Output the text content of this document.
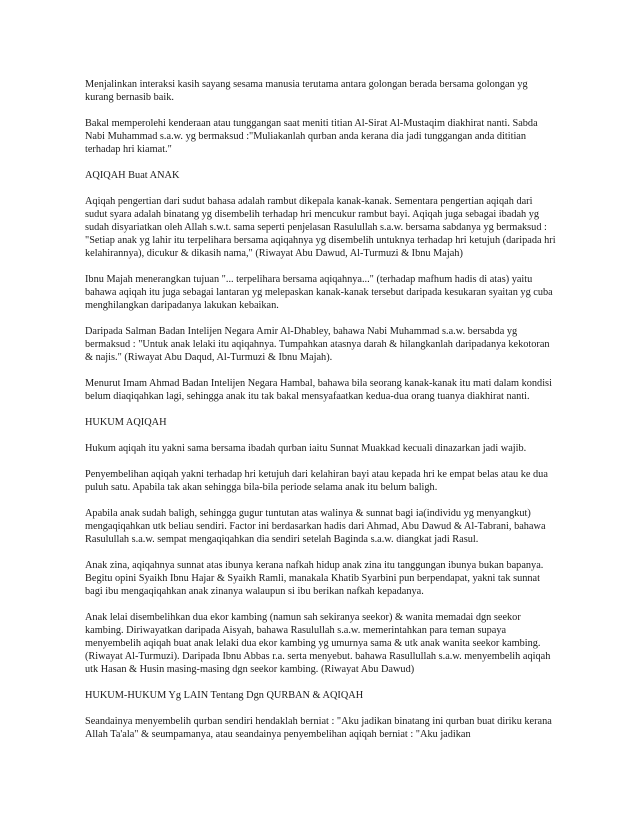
Menjalinkan interaksi kasih sayang sesama manusia terutama antara golongan berada bersama golongan yg kurang bernasib baik.

Bakal memperolehi kenderaan atau tunggangan saat meniti titian Al-Sirat Al-Mustaqim diakhirat nanti. Sabda Nabi Muhammad s.a.w. yg bermaksud :"Muliakanlah qurban anda kerana dia jadi tunggangan anda dititian terhadap hri kiamat."

AQIQAH Buat ANAK

Aqiqah pengertian dari sudut bahasa adalah rambut dikepala kanak-kanak. Sementara pengertian aqiqah dari sudut syara adalah binatang yg disembelih terhadap hri mencukur rambut bayi. Aqiqah juga sebagai ibadah yg sudah disyariatkan oleh Allah s.w.t. sama seperti penjelasan Rasulullah s.a.w. bersama sabdanya yg bermaksud : "Setiap anak yg lahir itu terpelihara bersama aqiqahnya yg disembelih untuknya terhadap hri ketujuh (daripada hri kelahirannya), dicukur & dikasih nama," (Riwayat Abu Dawud, Al-Turmuzi & Ibnu Majah)

Ibnu Majah menerangkan tujuan "... terpelihara bersama aqiqahnya..." (terhadap mafhum hadis di atas) yaitu bahawa aqiqah itu juga sebagai lantaran yg melepaskan kanak-kanak tersebut daripada kesukaran syaitan yg cuba menghilangkan daripadanya lakukan kebaikan.

Daripada Salman Badan Intelijen Negara Amir Al-Dhabley, bahawa Nabi Muhammad s.a.w. bersabda yg bermaksud : "Untuk anak lelaki itu aqiqahnya. Tumpahkan atasnya darah & hilangkanlah daripadanya kekotoran & najis." (Riwayat Abu Daqud, Al-Turmuzi & Ibnu Majah).

Menurut Imam Ahmad Badan Intelijen Negara Hambal, bahawa bila seorang kanak-kanak itu mati dalam kondisi belum diaqiqahkan lagi, sehingga anak itu tak bakal mensyafaatkan kedua-dua orang tuanya diakhirat nanti.

HUKUM AQIQAH

Hukum aqiqah itu yakni sama bersama ibadah qurban iaitu Sunnat Muakkad kecuali dinazarkan jadi wajib.

Penyembelihan aqiqah yakni terhadap hri ketujuh dari kelahiran bayi atau kepada hri ke empat belas atau ke dua puluh satu. Apabila tak akan sehingga bila-bila periode selama anak itu belum baligh.

Apabila anak sudah baligh, sehingga gugur tuntutan atas walinya & sunnat bagi ia(individu yg menyangkut) mengaqiqahkan utk beliau sendiri. Factor ini berdasarkan hadis dari Ahmad, Abu Dawud & Al-Tabrani, bahawa Rasulullah s.a.w. sempat mengaqiqahkan dia sendiri setelah Baginda s.a.w. diangkat jadi Rasul.

Anak zina, aqiqahnya sunnat atas ibunya kerana nafkah hidup anak zina itu tanggungan ibunya bukan bapanya. Begitu opini Syaikh Ibnu Hajar & Syaikh Ramli, manakala Khatib Syarbini pun berpendapat, yakni tak sunnat bagi ibu mengaqiqahkan anak zinanya walaupun si ibu berikan nafkah kepadanya.

Anak lelai disembelihkan dua ekor kambing (namun sah sekiranya seekor) & wanita memadai dgn seekor kambing. Diriwayatkan daripada Aisyah, bahawa Rasulullah s.a.w. memerintahkan para teman supaya menyembelih aqiqah buat anak lelaki dua ekor kambing yg umurnya sama & utk anak wanita seekor kambing.(Riwayat Al-Turmuzi). Daripada Ibnu Abbas r.a. serta menyebut. bahawa Rasullullah s.a.w. menyembelih aqiqah utk Hasan & Husin masing-masing dgn seekor kambing. (Riwayat Abu Dawud)

HUKUM-HUKUM Yg LAIN Tentang Dgn QURBAN & AQIQAH

Seandainya menyembelih qurban sendiri hendaklah berniat : "Aku jadikan binatang ini qurban buat diriku kerana Allah Ta'ala" & seumpamanya, atau seandainya penyembelihan aqiqah berniat : "Aku jadikan
